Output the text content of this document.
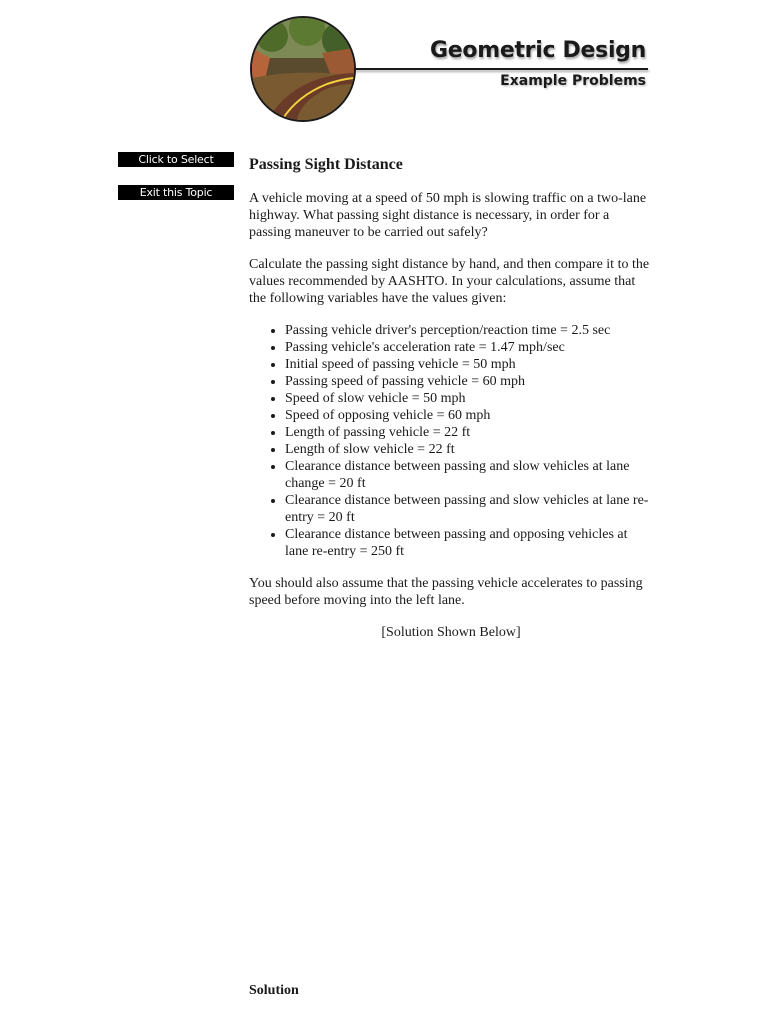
Geometric Design
Example Problems
Click to Select
Exit this Topic
Passing Sight Distance

A vehicle moving at a speed of 50 mph is slowing traffic on a two-lane highway. What passing sight distance is necessary, in order for a passing maneuver to be carried out safely?

Calculate the passing sight distance by hand, and then compare it to the values recommended by AASHTO. In your calculations, assume that the following variables have the values given:

• Passing vehicle driver's perception/reaction time = 2.5 sec
• Passing vehicle's acceleration rate = 1.47 mph/sec
• Initial speed of passing vehicle = 50 mph
• Passing speed of passing vehicle = 60 mph
• Speed of slow vehicle = 50 mph
• Speed of opposing vehicle = 60 mph
• Length of passing vehicle = 22 ft
• Length of slow vehicle = 22 ft
• Clearance distance between passing and slow vehicles at lane change = 20 ft
• Clearance distance between passing and slow vehicles at lane re-entry = 20 ft
• Clearance distance between passing and opposing vehicles at lane re-entry = 250 ft

You should also assume that the passing vehicle accelerates to passing speed before moving into the left lane.

[Solution Shown Below]

Solution
